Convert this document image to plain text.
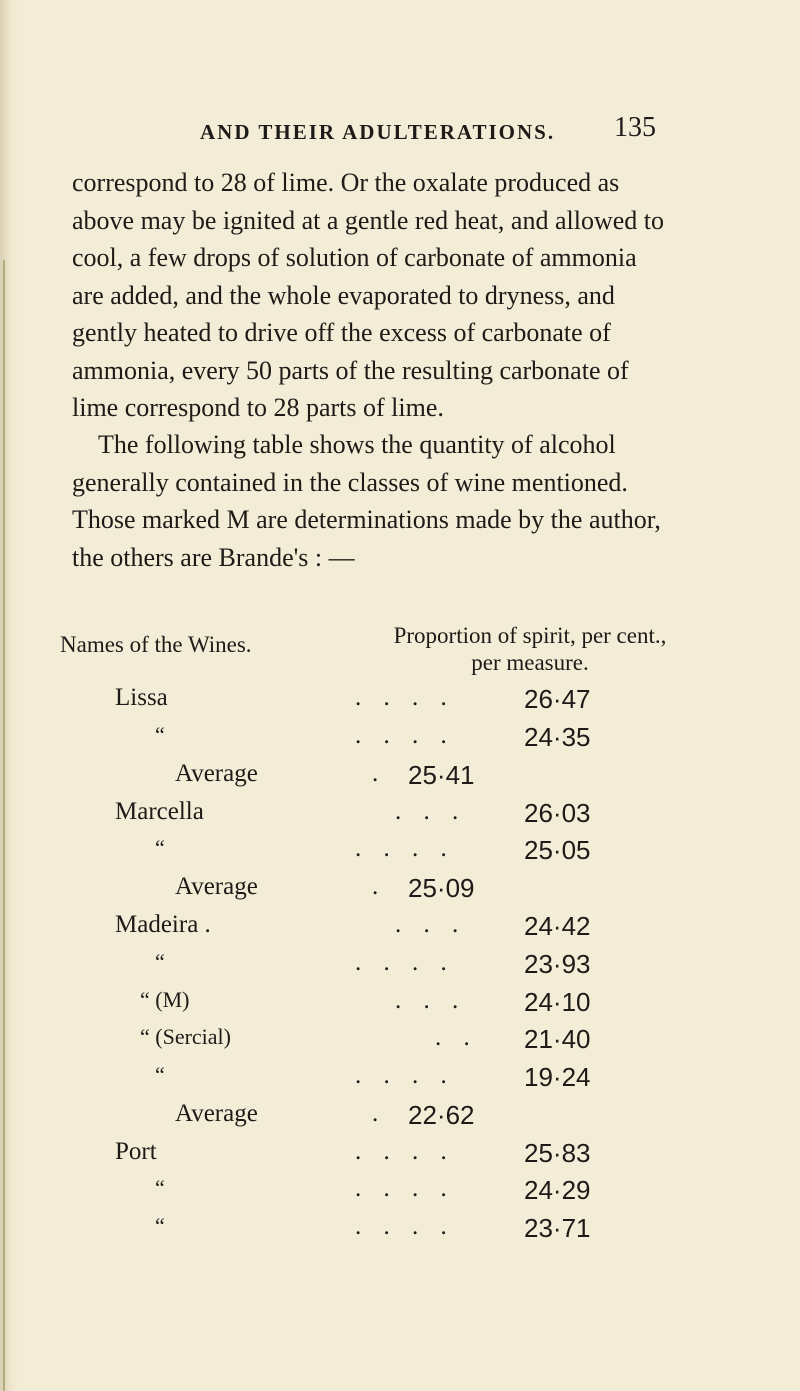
AND THEIR ADULTERATIONS. 135

correspond to 28 of lime. Or the oxalate produced as above may be ignited at a gentle red heat, and allowed to cool, a few drops of solution of carbonate of ammonia are added, and the whole evaporated to dryness, and gently heated to drive off the excess of carbonate of ammonia, every 50 parts of the resulting carbonate of lime correspond to 28 parts of lime.

The following table shows the quantity of alcohol generally contained in the classes of wine mentioned. Those marked M are determinations made by the author, the others are Brande's : —

Names of the Wines.	Proportion of spirit, per cent.,
per measure.
Lissa	. . . .	26·47
“	. . . .	24·35
Average	. 25·41
Marcella	. . .	26·03
“	. . . .	25·05
Average	. 25·09
Madeira .	. . .	24·42
“	. . . .	23·93
“ (M)	. . .	24·10
“ (Sercial)	. . 21·40
“	. . . .	19·24
Average	. 22·62
Port	. . . .	25·83
“	. . . .	24·29
“	. . . .	23·71
